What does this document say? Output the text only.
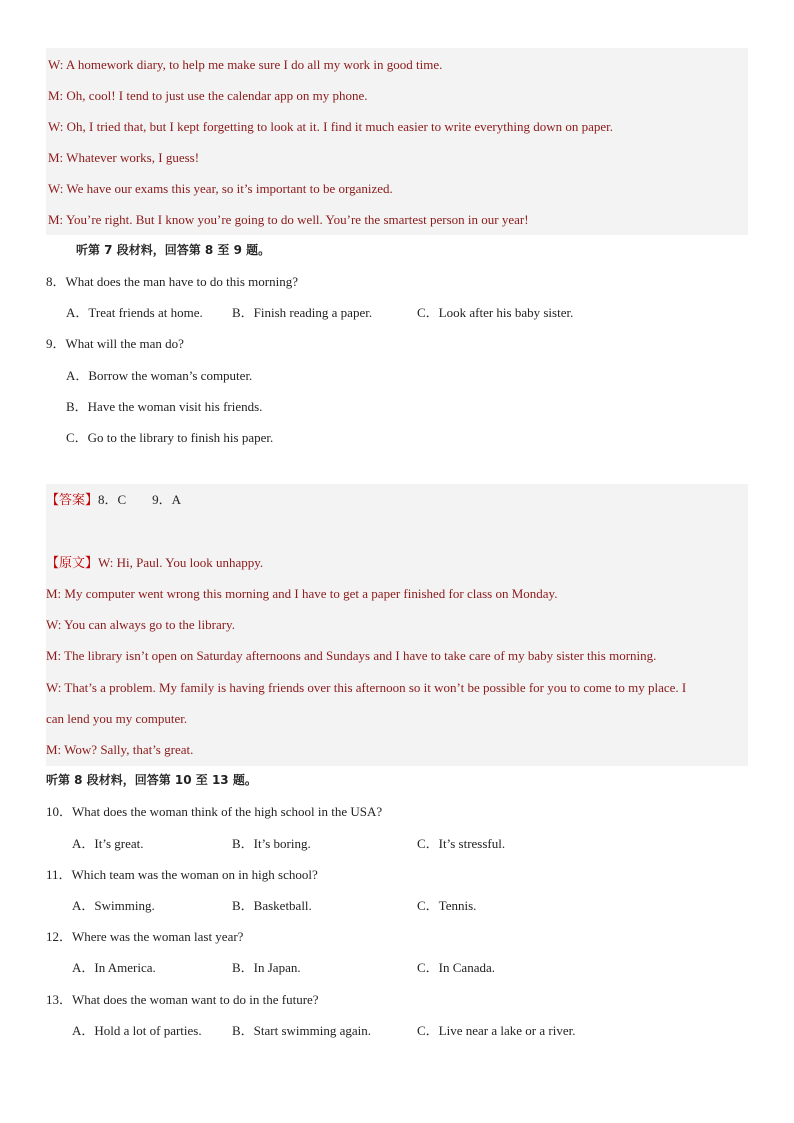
W: A homework diary, to help me make sure I do all my work in good time.
M: Oh, cool! I tend to just use the calendar app on my phone.
W: Oh, I tried that, but I kept forgetting to look at it. I find it much easier to write everything down on paper.
M: Whatever works, I guess!
W: We have our exams this year, so it’s important to be organized.
M: You’re right. But I know you’re going to do well. You’re the smartest person in our year!
听第 7 段材料，回答第 8 至 9 题。
8．What does the man have to do this morning?
A．Treat friends at home. B．Finish reading a paper.	C．Look after his baby sister.
9．What will the man do?
A．Borrow the woman’s computer.
B．Have the woman visit his friends.
C．Go to the library to finish his paper.
【答案】8．C        9．A
【原文】W: Hi, Paul. You look unhappy.
M: My computer went wrong this morning and I have to get a paper finished for class on Monday.
W: You can always go to the library.
M: The library isn’t open on Saturday afternoons and Sundays and I have to take care of my baby sister this morning.
W: That’s a problem. My family is having friends over this afternoon so it won’t be possible for you to come to my place. I
can lend you my computer.
M: Wow? Sally, that’s great.
听第 8 段材料，回答第 10 至 13 题。
10．What does the woman think of the high school in the USA?
A．It’s great.	B．It’s boring.	C．It’s stressful.
11．Which team was the woman on in high school?
A．Swimming.	B．Basketball.	C．Tennis.
12．Where was the woman last year?
A．In America.	B．In Japan.	C．In Canada.
13．What does the woman want to do in the future?
A．Hold a lot of parties. B．Start swimming again.	C．Live near a lake or a river.
